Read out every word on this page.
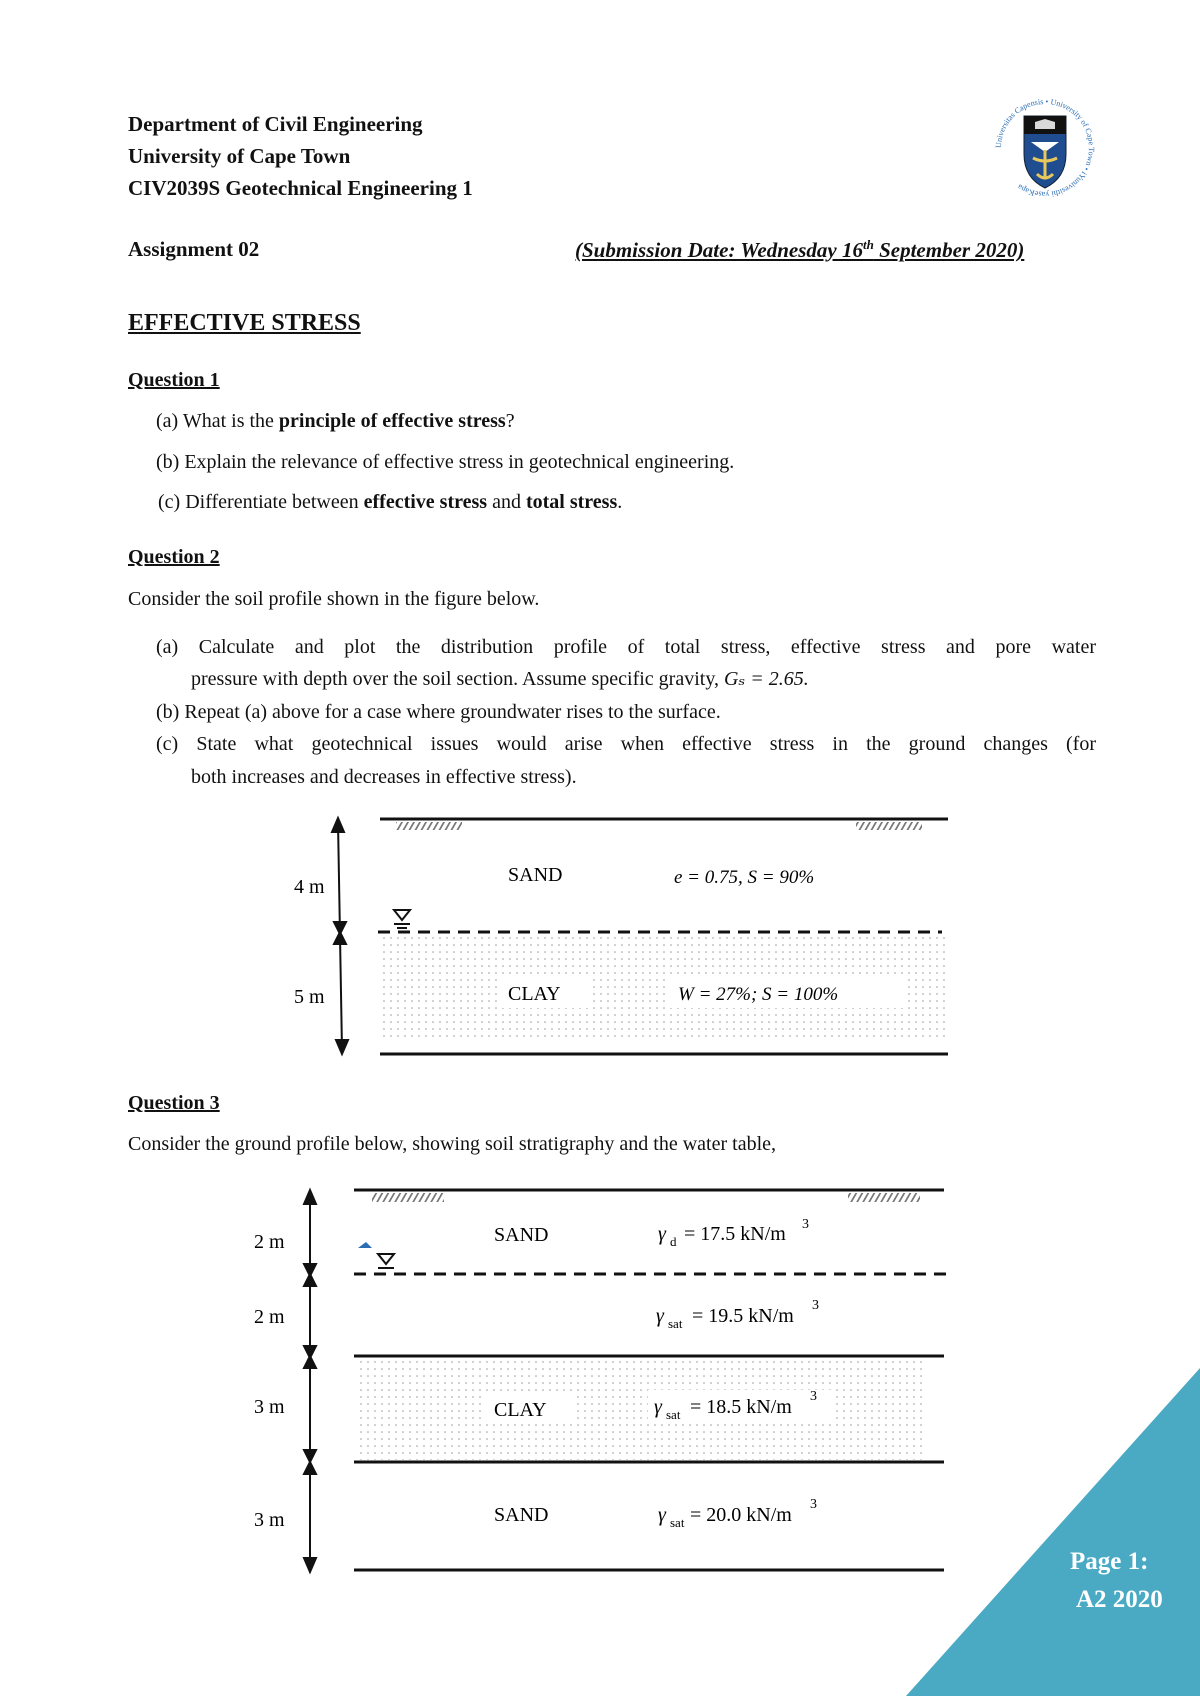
Department of Civil Engineering
University of Cape Town
CIV2039S Geotechnical Engineering 1
Assignment 02	(Submission Date: Wednesday 16th September 2020)
Universitas Capensis • University of Cape Town • iYunivesithi yaseKapa
EFFECTIVE STRESS
Question 1
(a) What is the principle of effective stress?
(b) Explain the relevance of effective stress in geotechnical engineering.
(c) Differentiate between effective stress and total stress.
Question 2
Consider the soil profile shown in the figure below.
(a) Calculate and plot the distribution profile of total stress, effective stress and pore water
pressure with depth over the soil section. Assume specific gravity, Gₛ = 2.65.
(b) Repeat (a) above for a case where groundwater rises to the surface.
(c) State what geotechnical issues would arise when effective stress in the ground changes (for
both increases and decreases in effective stress).
4 m
5 m
SAND	e = 0.75, S = 90%
CLAY	W = 27%; S = 100%
Question 3
Consider the ground profile below, showing soil stratigraphy and the water table,
2 m
2 m
3 m
3 m
SAND
CLAY
SAND
γ d = 17.5 kN/m 3
γ sat = 19.5 kN/m 3
γ sat = 18.5 kN/m 3
γ sat = 20.0 kN/m 3
Page 1:
A2 2020
